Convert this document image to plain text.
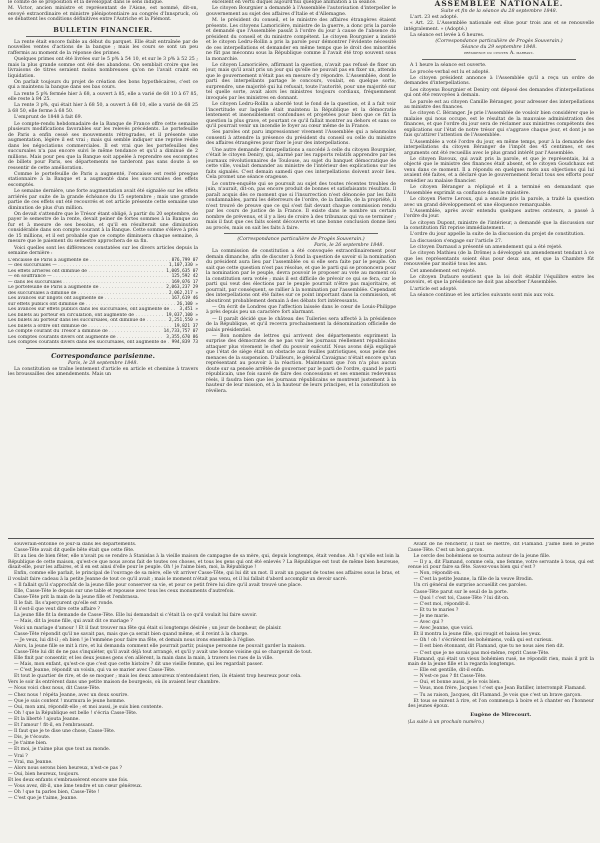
le comité de se proposition et la développât dans le sens indiqué.

M. Victor, ancien ministre et représentant de l'Aisne, est nommé, dit-on, envoyé extraordinaire et ministre plénipotentiaire au congrès d'Innspruck, où se débattent les conditions définitives entre l'Autriche et la Piémont.

BULLETIN FINANCIER.

La rente était encore faible au début du parquet. Elle était entraînée par de nouvelles ventes d'actions de la banque ; mais les cours se sont un peu raffermis au moment de la réponse des primes.

Quelques primes ont été livrées sur le 5 p% à 54 10, et sur le 3 p% à 52 25 ; mais la plus grande somme ont été des abandons. On semblait croire que les livraisons de titres seraient moins nombreuses qu'on ne l'avait craint en liquidation.

On parlait toujours du projet de création des bons hypothécaires, c'est ce qui a maintenu la banque dans ses bas cours.

La rente 5 p% fermée hier à 68, a ouvert à 85, elle a varié de 68 10 à 67 85, elle reste à 84 25.

La rente 3 p%, qui était hier à 68 50, a ouvert à 68 10, elle a varié de 68 25 à 68 50, elle ferme à 68 50.

L'emprunt de 1848 à fait 69.

Le compte-rendu hebdomadaire de la Banque de France offre cette semaine plusieurs modifications favorables sur les relevés précédents. Le portefeuille de Paris a enfin cessé ses mouvements rétrogrades, et il présente une augmentation, légère il est vrai ; mais qui semble indiquer une reprise réelle dans les négociations commerciales. Il est vrai que les portefeuilles des succursales n'a pas encore suivi le même tendance et qu'il a diminué de 2 millions. Mais pour peu que la Banque soit appelée à reprendre ses escomptes de billets pour Paris, ses départements ne tarderont pas sans doute à se ressentir de cette amélioration.

Comme le portefeuille de Paris a augmenté, l'encaisse est resté presque stationnaire à la Banque et a augmenté dans les succursales des effets escomptés.

Le semaine dernière, une forte augmentation avait été signalée sur les effets arriérés par suite de la grande échéance du 15 septembre ; mais une grande partie de ces effets ont été recouvrés et cet article présente cette semaine une diminution de plus d'un million.

On devait s'attendre que le Trésor étant obligé, à partir du 20 septembre, de payer le semestre de la rente, devait peiner de fortes sommes à la Banque au fur et à mesure de ses besoins, et qu'il en résulterait une diminution considérable dans son compte courant à la Banque. Cette somme s'élève à près de 15 millions, et il est probable que ce compte diminuera chaque semaine, à mesure que le paiement du semestre approchera de sa fin.

Voici quelles sont les différences constatées sur les divers articles depuis la semaine dernière :

L'encaisse de Paris a augmenté de . . .	876,799 07
— des succursales — . . .	1,107,330 »
Les effets arriérés ont diminué de . . .	1,005,635 07
— en souffrance — . . .	125,592 42
— dans les succursales . . .	169,076 17
Le portefeuille de Paris a augmenté de . . .	2,063,237 29
des succursales a diminué de . . .	2,062,217 »
Les avances sur lingots ont augmenté de . . .	167,619 46
sur effets publics ont diminué de . . .	26,100 »
Les avances sur effets publics dans les succursales, ont augmenté de . . .	3,451 »
Les billets au porteur en circulation, ont augmenté de . . .	19,037,100 »
Les billets au porteur dans les succursales, ont diminué de . . .	2,251,550 »
Les billets à ordre ont diminué de . . .	19,821 37
Le compte courant du Trésor a diminué de . . .	14,733,757 07
Les comptes courants divers ont augmenté de . . .	3,355,670 86
Les comptes courants divers dans les succursales, ont augmenté de . . .	994,839 73
Correspondance parisienne.
Paris, le 28 septembre 1848.

La constitution se traîne lentement d'article en article et chemine à travers les broussailles des amendements. Mais un

excellent en vertu duquel aujourd'hui quelque animation à la séance.

Le citoyen Bourgnier a demandé à l'Assemblée l'autorisation d'interpeller le gouvernement au sujet des affaires d'Italie et d'Allemagne.

M. le président du conseil, et le ministre des affaires étrangères étaient présents. Les citoyens Lamoricière, ministre de la guerre, a donc pris la parole et demandé que l'Assemblée passât à l'ordre du jour à cause de l'absence du président du conseil et du ministre compétent. Le citoyen Bourgnier a insisté et le citoyen Ledru-Rollin a pris la parole pour démontrer l'évidente nécessité de ces interpellations et demander en même temps que le droit des minorités ne fût pas méconnu sous la République comme il l'avait été trop souvent sous la monarchie.

Le citoyen Lamoricière, affirmant la question, n'avait pas refusé de fixer un jour, mais qu'il avait pris un jour qui qu'elle ne pouvait pas en fixer un, attendu que le gouvernement n'était pas en mesure d'y répondre. L'Assemblée, dont le parti des interpellants partage le concours, voulait, en quelque sorte, surprendre, une majorité qui lui refusait, toute l'autorité, pour une majorité sur tel quelle sorte, avait alors les ministres toujours cordiaux, fréquemment invoqués par les ministres en donnant.

Le citoyen Ledru-Rollin a abordé tout le fond de la question, et il a fait voir l'incertitude sur laquelle était maintenu la République et la démocratie lentement et insensiblement confondues et projetées pour bien que ce fût la question la plus grave, et pourtant ce qu'il fallait montrer au dehors et sans ce qu'il pourrait venir un incendie le foyer au cœur même de la France.

Ses paroles ont paru impressionner vivement l'Assemblée qui a néanmoins consenti à attendre la présence du président du conseil ou celle du ministre des affaires étrangères pour fixer le jour des interpellations.

Une autre demande d'interpellations a succédé à celle du citoyen Bourgnier, c'était le citoyen Deniry, qui, alarmé par les rapports relatifs apprendre par les journaux révolutionnaires de Toulouse, au sujet du banquet démocratique de cette ville, voulait demander au ministre de l'intérieur des explications sur les faits signalés. C'est demain samedi que ces interpellations doivent avoir lieu. Cela promet une séance orageuse.

Le contre-enquête qui se poursuit au sujet des toutes récentes troubles de juin, n'aurait, dit-on, pas encore produit de bonnes et satisfaisants résultats. Il paraît acquis dès ce moment que si l'insurrection n'est dénoncée par les faits condamnables, parmi les déterreurs de l'ordre, de la famille, de la propriété, il n'est trouvé de preuve que ce qui s'est fait devant chaque commission rendu par les cours de justice de la France. Il existe dans le nombre un certain nombre de prévenus, et il y a lieu de croire à des tribunaux qui va se terminer ; mais il faut que ces faits soient découverts et une bonne conclusion donne lieu au procès, mais on sait les faits à faire.

(Correspondance particulière de Progès Souverain.)
Paris, le 26 septembre 1848.

La commission de constitution a été convoquée extraordinairement pour demain dimanche, afin de discuter à fond la question de savoir si la nomination du président aura lieu par l'assemblée ou si elle sera faite par le peuple. On sait que cette question n'est pas résolue, et que le parti qui se prononcera pour la nomination par le peuple, devra pouvoir le proposer au vote au moment où la constitution sera votée ; mais il est difficile de prévoir ce qui se fera, car le parti qui veut des élections par le peuple pourrait n'être pas majoritaire, et pourrait, par conséquent, se rallier à la nomination par l'assemblée. Cependant des interpellations ont été faites sur ce point important dans la commission, et aboutiront probablement demain à des débats fort intéressants.

— On écrit de Londres que l'affection laissée dans le cœur de Louis-Philippe à près depuis peu un caractère fort alarmant.

— Il paraît décidé que le château des Tuileries sera affecté à la présidence de la République, et qu'il recevra prochainement la dénomination officielle de palais présidentiel.

— Bon nombre de lettres qui arrivent des départements expriment la surprise des démocrates de ne pas voir les journaux réellement républicains attaquer plus vivement le chef du pouvoir exécutif. Nous avons déjà expliqué que l'état de siège était un obstacle aux feuilles patriotiques, sous peine des menaces de la suspension. D'ailleurs, le général Cavaignac n'était encore qu'un représentant au pouvoir à la réaction. Maintenant que l'on n'a plus aucun doute sur sa pensée arrêtée de gouverner par le parti de l'ordre, quand le parti républicain, une fois sauvé de faire des concessions et ses ennemis redevenus réels, il faudra bien que les journaux républicains se montrent justement à la hauteur de leur mission, et à la hauteur de leurs principes, et la constitution se révélera.

ASSEMBLÉE NATIONALE.
Suite et fin de la séance du 28 septembre 1848.

L'art. 23 est adopté.

« Art. 22. L'Assemblée nationale est élue pour trois ans et se renouvelle intégralement. » (Adopté.)

La séance est levée à 6 heures.

(Correspondance particulière de Progès Souverain.)
Séance du 29 septembre 1848.
présidence du citoyen A. marrast.

A 1 heure la séance est ouverte.

Le procès-verbal est lu et adopté.

Le citoyen président annonce à l'Assemblée qu'il a reçu un ordre de demandes d'interpellations.

Les citoyens Bourgnier et Deniry ont déposé des demandes d'interpellations qui ont été renvoyées à demain.

Le parole est au citoyen Camille Béranger, pour adresser des interpellations au ministre des finances.

Le citoyen C. Béranger. Je prie l'Assemblée de vouloir bien considérer que le malaise qui nous occupe, est le résultat de la mauvaise administration des finances, et que l'ordre du jour sera de réclamer aux ministres compétents des explications sur l'état de notre trésor qui s'aggrave chaque jour, et dont je ne fais qu'attirer l'attention de l'Assemblée.

L'Assemblée a voté l'ordre du jour, en même temps, pour à la demande des interpellations du citoyen Béranger de l'impôt des 45 centimes, et ses arguments ont été recueillis avec le plus grand intérêt par l'Assemblée.

Le citoyen Bavoux, qui avait pris la parole, et que je représentais, lui a objecté que le ministre des finances était absent, et le citoyen Goudchaux est venu dans ce moment. Il a répondu en quelques mots aux objections qui lui avaient été faites, et a déclaré que le gouvernement ferait tous ses efforts pour remédier au malaise financier.

Le citoyen Béranger a répliqué et il a terminé en demandant que l'Assemblée exprimât sa confiance dans le ministère.

Le citoyen Pierre Leroux, qui a ensuite pris la parole, a traité la question avec un grand développement et une éloquence remarquable.

L'Assemblée, après avoir entendu quelques autres orateurs, a passé à l'ordre du jour.

Le citoyen Dupont, ministre de l'intérieur, a demandé que la discussion sur la constitution fût reprise immédiatement.

L'ordre du jour appelle la suite de la discussion du projet de constitution.

La discussion s'engage sur l'article 27.

Le citoyen Darnaud a présenté un amendement qui a été rejeté.

Le citoyen Mathieu (de la Drôme) a développé un amendement tendant à ce que les représentants soient élus pour deux ans, et que la Chambre fût renouvelée par moitié tous les ans.

Cet amendement est rejeté.

Le citoyen Dufaure soutient que la loi doit établir l'équilibre entre les pouvoirs, et que la présidence ne doit pas absorber l'Assemblée.

L'article est adopté.

La séance continue et les articles suivants sont mis aux voix.

souverain-entonné ce jour-là dans les départements.

Casse-Tête avait dit quelle bête était que cette fête.

Et au lieu de bien fêter, elle n'avait pu se rendre à Stanislas à la vieille maison de campagne de sa mère, qui, depuis longtemps, était vendue. Ah ! qu'elle est loin la République de cette maison, qu'est-ce que nous avons fait de toutes ces choses, et tous les gens qui ont été enlevés ? La République est tout de même bien heureuse, disait-elle, pour les affaires, et il en est ainsi d'elle pour le peuple. Oh ! je l'aime bien, moi, la République !

Enfin, comme elle parlait, le principal de l'ouvrage de sa mère, elle vit arriver Casse-Tête, qui lui dit un mot. Il avait un paquet de toutes ses affaires sous le bras, et il voulait faire cadeau à la petite Jeanne de tout ce qu'il avait ; mais le moment n'était pas venu, et il lui fallait d'abord accomplir un devoir sacré.

« Il fallait qu'il s'approchât de la jeune fille pour conserver sa vie, et pour ce petit frère lui dire qu'il avait trouvé une place.

Elle, Casse-Tête le depuis sur une table et repousse avec tous les ceux monuments d'autrefois.

Casse-Tête prit la main de la jeune fille et l'embrassa.

Il le fait. Ils s'aperçurent qu'elle est ronde.

Il s'est-il que veut dire cette affaire ?

La jeune fille fit la demande de Casse-Tête. Elle lui demandait si c'était là ce qu'il voulait lui faire savoir.

— Mais, dit la jeune fille, qui avait dit ce mariage ?

Voici un mariage d'amour ! Et il faut trouver ma fête qui était si longtemps désirée ; un jour de bonheur, de plaisir.

Casse-Tête répondit qu'il ne savait pas, mais que ça serait bien quand même, et il revint à la charge.

— Je veux, lui dit-il ; eh bien ! je l'emmène pour faire ma fête, et demain nous irons ensemble à l'église.

Alors, la jeune fille se mit à rire, et lui demanda comment elle pourrait partir, puisque personne ne pouvait garder la maison.

Casse-Tête lui dit de ne pas s'inquiéter, qu'il avait déjà tout arrangé, et qu'il y avait une bonne voisine qui se chargerait de tout.

Elle finit par consentir, et les deux jeunes gens s'en allèrent, la main dans la main, à travers les rues de la ville.

— Mais, mon enfant, qu'est-ce que c'est que cette histoire ? dit une vieille femme, qui les regardait passer.

— C'est Jeanne, répondit un voisin, qui va se marier avec Casse-Tête.

Et tout le quartier de rire, et de se moquer ; mais les deux amoureux n'entendaient rien, ils étaient trop heureux pour cela.

Vers le soir ils entrèrent dans une petite maison de bourgeois, où ils avaient leur chambre.

— Nous voici chez nous, dit Casse-Tête.

— Chez nous ! répéta Jeanne, avec un doux sourire.

— Que je suis content ! murmura le jeune homme.

— Oui, mon ami, répondit-elle ; et moi aussi, je suis bien contente.

— Oh ! que la République est belle ! s'écria Casse-Tête.

— Et la liberté ! ajouta Jeanne.

— Et l'amour ! fit-il, en l'embrassant.

— Il faut que je te dise une chose, Casse-Tête.

— Dis, je t'écoute.

— Je t'aime bien.

— Et moi, je t'aime plus que tout au monde.

— Vrai ?

— Vrai, ma Jeanne.

— Alors nous serons bien heureux, n'est-ce pas ?

— Oui, bien heureux, toujours.

Et les deux enfants s'embrassèrent encore une fois.

— Vous avez, dit-il, une âme tendre et un cœur généreux.

— Oh ! que tu parles bien, Casse-Tête !

— C'est que je t'aime, Jeanne.

Avant de ne renchérir, il faut se mettre, dit Flamand. J'aime bien le jeune Casse-Tête. C'est un bon garçon.

Le cercle des bohémiens se tourna autour de la jeune fille.

— Il y a, dit Flamand, comme cela, une femme, votre servante à tous, qui est venue ici pour faire sa fête. Savez-vous bien qui c'est ?

— Non, répondit-on.

— C'est la petite Jeanne, la fille de la veuve Brodin.

Un cri général de surprise accueillit ces paroles.

Casse-Tête parut sur le seuil de la porte.

— Quoi ! c'est toi, Casse-Tête ? lui dit-on.

— C'est moi, répondit-il.

— Et tu te maries ?

— Je me marie.

— Avec qui ?

— Avec Jeanne, que voici.

Et il montra la jeune fille, qui rougit et baissa les yeux.

— Oh ! oh ! s'écrièrent les bohémiens, voilà qui est curieux.

— Il est bien étonnant, dit Flamand, que tu ne nous aies rien dit.

— C'est que je ne savais pas moi-même, reprit Casse-Tête.

Flamand, qui était un vieux bohémien rusé, ne répondit rien, mais il prit la main de la jeune fille et la regarda longtemps.

— Elle est gentille, dit-il enfin.

— N'est-ce pas ? fit Casse-Tête.

— Oui, et bonne aussi, je le vois bien.

— Vous, mon frère, Jacques ! c'est que Jean Batiller, interrompit Flamand.

— Tu as raison, Jacques, dit Flamand. Je vois que c'est un brave garçon.

Et tous se mirent à rire, et l'on commença à boire et à chanter en l'honneur des jeunes époux.

Eugène de Mirecourt.
(La suite à un prochain numéro.)
